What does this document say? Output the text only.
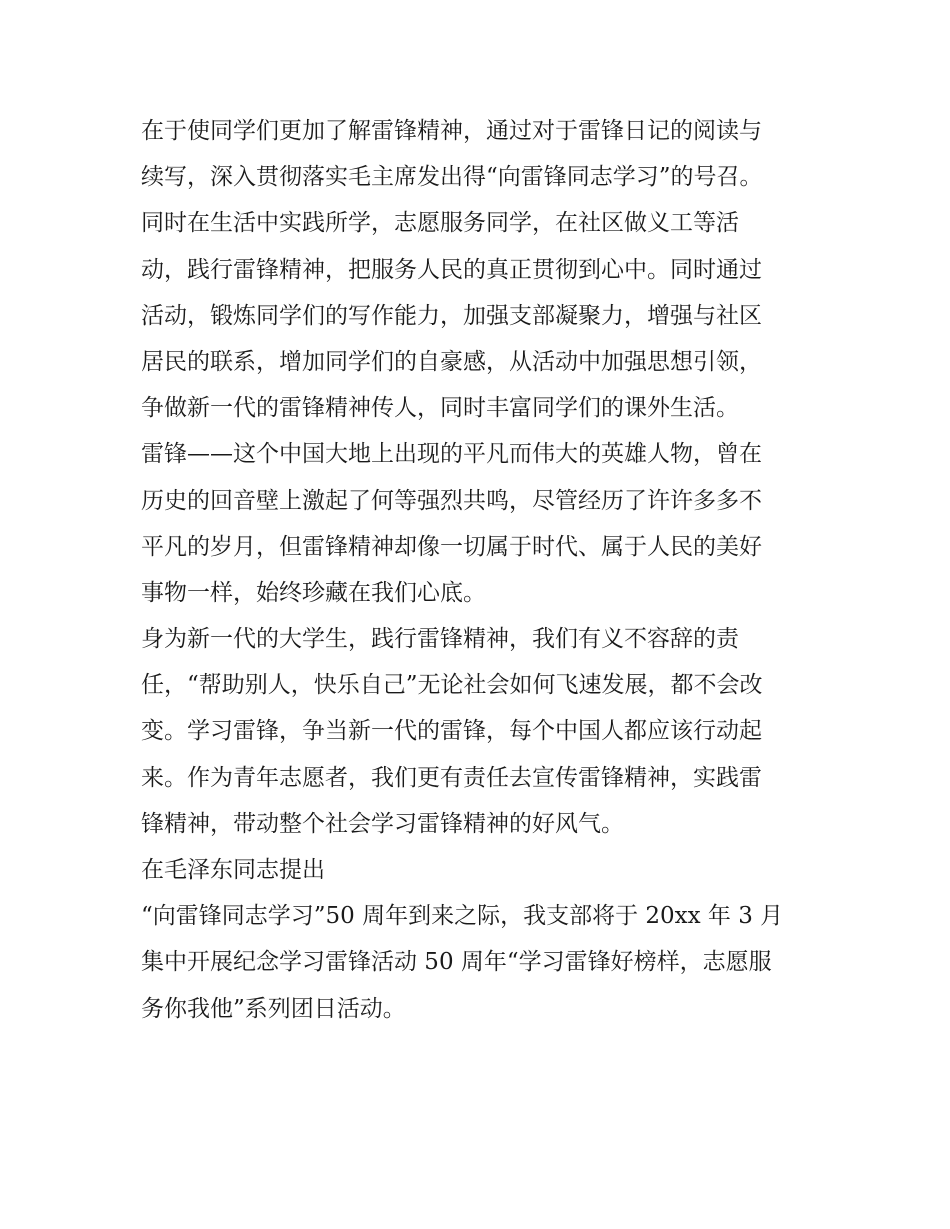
在于使同学们更加了解雷锋精神，通过对于雷锋日记的阅读与
续写，深入贯彻落实毛主席发出得“向雷锋同志学习”的号召。
同时在生活中实践所学，志愿服务同学，在社区做义工等活
动，践行雷锋精神，把服务人民的真正贯彻到心中。同时通过
活动，锻炼同学们的写作能力，加强支部凝聚力，增强与社区
居民的联系，增加同学们的自豪感，从活动中加强思想引领，
争做新一代的雷锋精神传人，同时丰富同学们的课外生活。
雷锋——这个中国大地上出现的平凡而伟大的英雄人物，曾在
历史的回音壁上激起了何等强烈共鸣，尽管经历了许许多多不
平凡的岁月，但雷锋精神却像一切属于时代、属于人民的美好
事物一样，始终珍藏在我们心底。
身为新一代的大学生，践行雷锋精神，我们有义不容辞的责
任，“帮助别人，快乐自己”无论社会如何飞速发展，都不会改
变。学习雷锋，争当新一代的雷锋，每个中国人都应该行动起
来。作为青年志愿者，我们更有责任去宣传雷锋精神，实践雷
锋精神，带动整个社会学习雷锋精神的好风气。
在毛泽东同志提出
“向雷锋同志学习”50 周年到来之际，我支部将于 20xx 年 3 月
集中开展纪念学习雷锋活动 50 周年“学习雷锋好榜样，志愿服
务你我他”系列团日活动。
